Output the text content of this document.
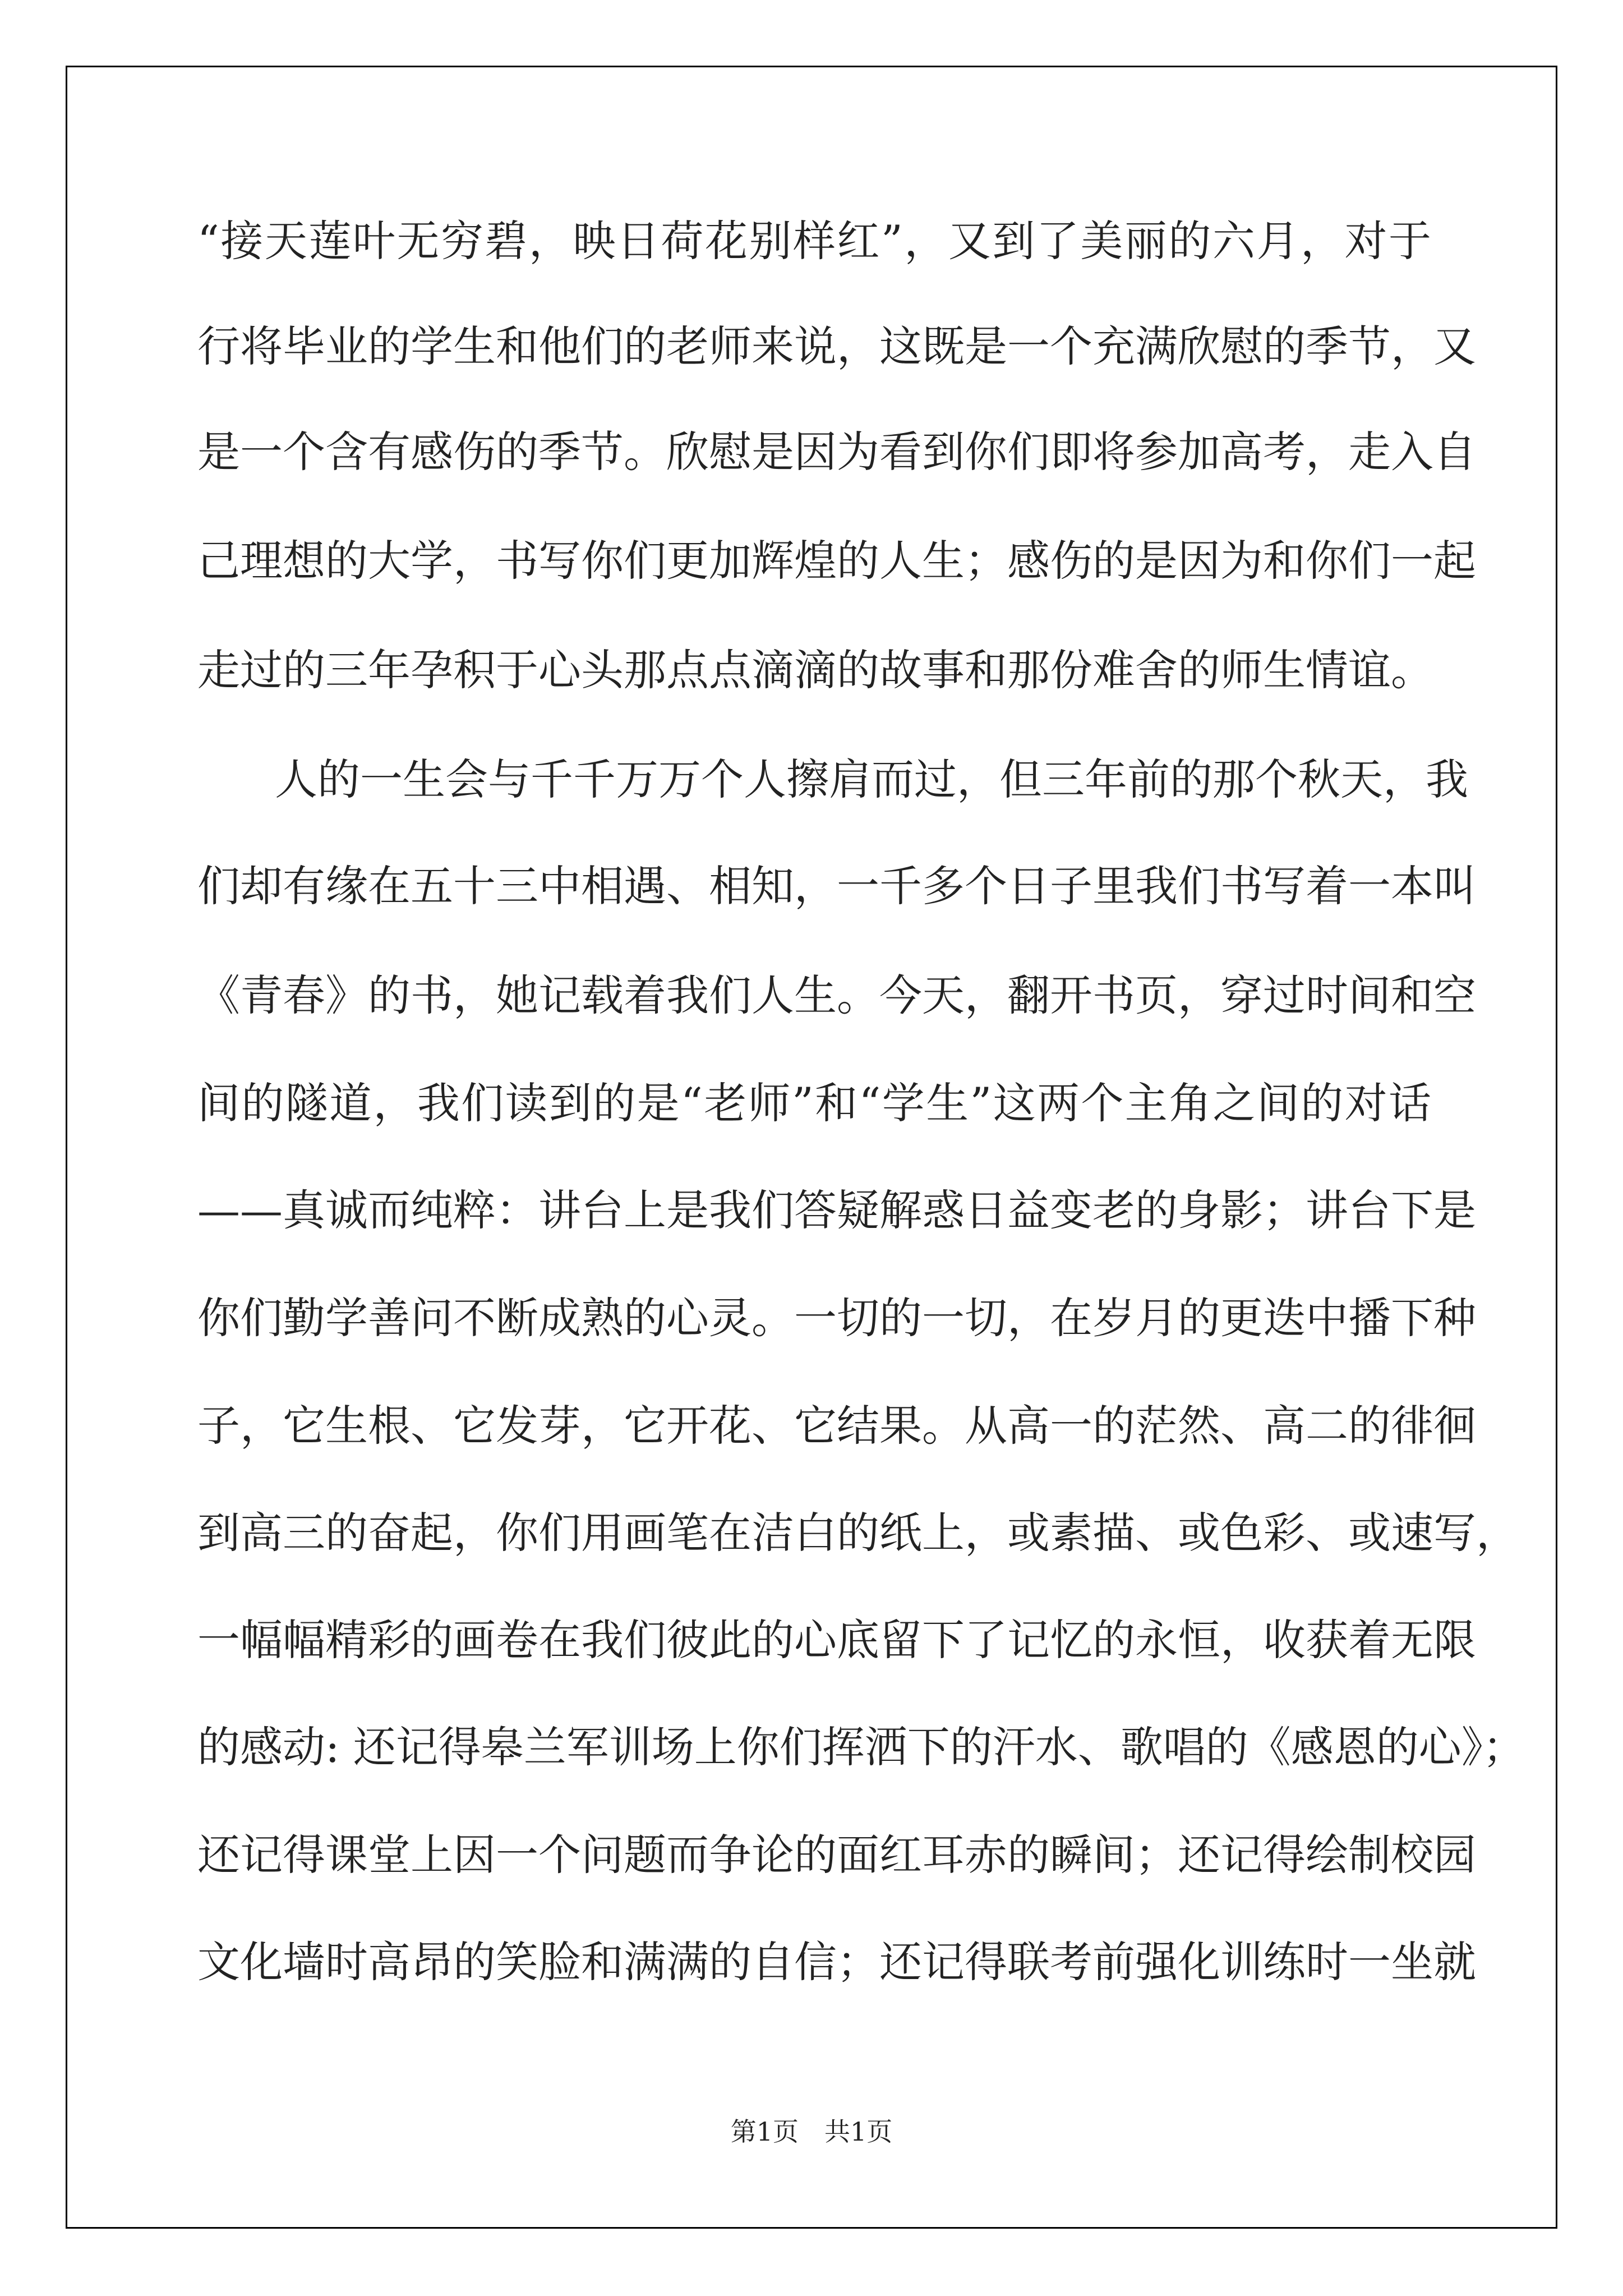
“接天莲叶无穷碧，映日荷花别样红”，又到了美丽的六月，对于
行将毕业的学生和他们的老师来说，这既是一个充满欣慰的季节，又
是一个含有感伤的季节。欣慰是因为看到你们即将参加高考，走入自
己理想的大学，书写你们更加辉煌的人生；感伤的是因为和你们一起
走过的三年孕积于心头那点点滴滴的故事和那份难舍的师生情谊。
人的一生会与千千万万个人擦肩而过，但三年前的那个秋天，我
们却有缘在五十三中相遇、相知，一千多个日子里我们书写着一本叫
《青春》的书，她记载着我们人生。今天，翻开书页，穿过时间和空
间的隧道，我们读到的是“老师”和“学生”这两个主角之间的对话
——真诚而纯粹：讲台上是我们答疑解惑日益变老的身影；讲台下是
你们勤学善问不断成熟的心灵。一切的一切，在岁月的更迭中播下种
子，它生根、它发芽，它开花、它结果。从高一的茫然、高二的徘徊
到高三的奋起，你们用画笔在洁白的纸上，或素描、或色彩、或速写，
一幅幅精彩的画卷在我们彼此的心底留下了记忆的永恒，收获着无限
的感动: 还记得皋兰军训场上你们挥洒下的汗水、歌唱的《感恩的心》；
还记得课堂上因一个问题而争论的面红耳赤的瞬间；还记得绘制校园
文化墙时高昂的笑脸和满满的自信；还记得联考前强化训练时一坐就
第1页　共1页
